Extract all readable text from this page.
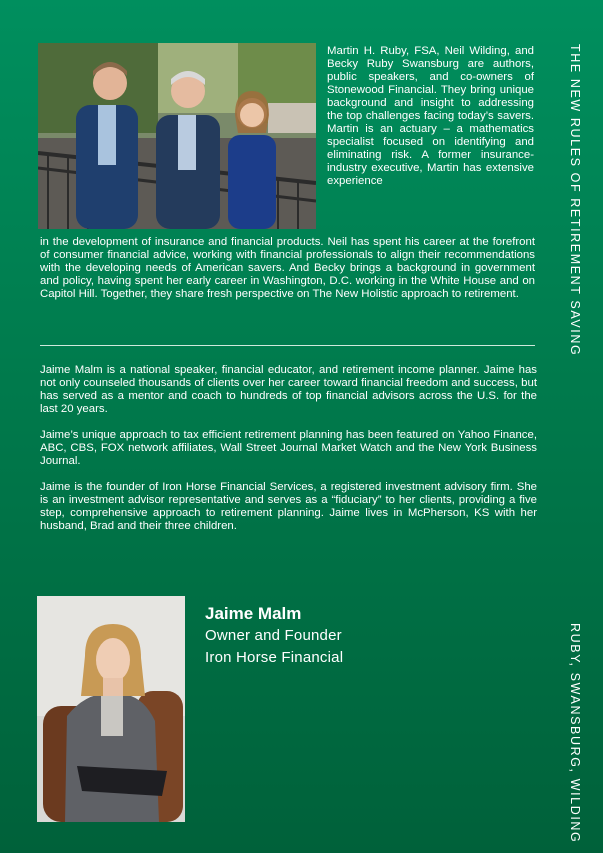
Martin H. Ruby, FSA, Neil Wilding, and Becky Ruby Swansburg are authors, public speakers, and co-owners of Stonewood Financial. They bring unique background and insight to addressing the top challenges facing today’s savers. Martin is an actuary – a mathematics specialist focused on identifying and eliminating risk. A former insurance-industry executive, Martin has extensive experience
in the development of insurance and financial products. Neil has spent his career at the forefront of consumer financial advice, working with financial professionals to align their recommendations with the developing needs of American savers. And Becky brings a background in government and policy, having spent her early career in Washington, D.C. working in the White House and on Capitol Hill. Together, they share fresh perspective on The New Holistic approach to retirement.

Jaime Malm is a national speaker, financial educator, and retirement income planner. Jaime has not only counseled thousands of clients over her career toward financial freedom and success, but has served as a mentor and coach to hundreds of top financial advisors across the U.S. for the last 20 years.

Jaime’s unique approach to tax efficient retirement planning has been featured on Yahoo Finance, ABC, CBS, FOX network affiliates, Wall Street Journal Market Watch and the New York Business Journal.

Jaime is the founder of Iron Horse Financial Services, a registered investment advisory firm. She is an investment advisor representative and serves as a “fiduciary” to her clients, providing a five step, comprehensive approach to retirement planning. Jaime lives in McPherson, KS with her husband, Brad and their three children.

Jaime Malm
Owner and Founder
Iron Horse Financial
THE NEW RULES OF RETIREMENT SAVING
RUBY, SWANSBURG, WILDING
